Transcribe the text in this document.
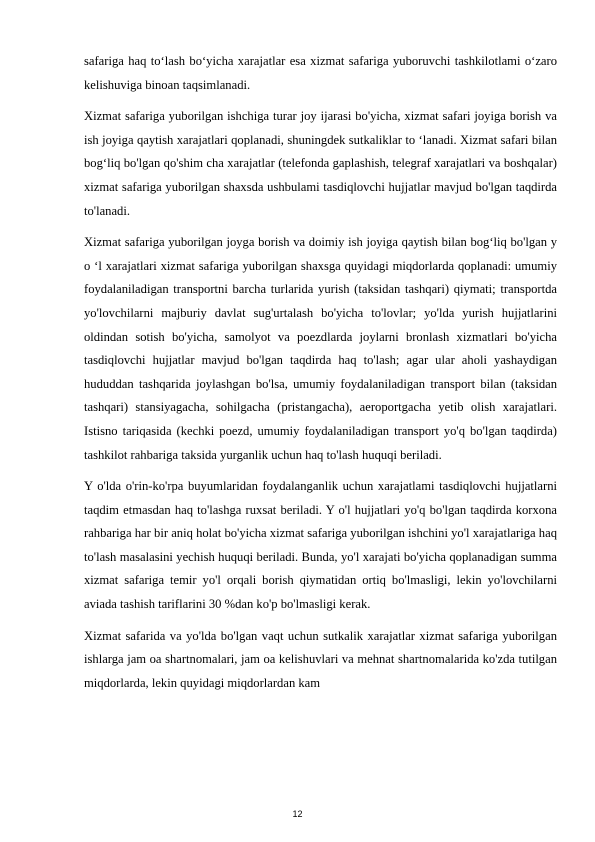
safariga haq to‘lash bo‘yicha xarajatlar esa xizmat safariga yuboruvchi tashkilotlami o‘zaro kelishuviga binoan taqsimlanadi.

Xizmat safariga yuborilgan ishchiga turar joy ijarasi bo'yicha, xizmat safari joyiga borish va ish joyiga qaytish xarajatlari qoplanadi, shuningdek sutkaliklar to ‘lanadi. Xizmat safari bilan bog‘liq bo'lgan qo'shim cha xarajatlar (telefonda gaplashish, telegraf xarajatlari va boshqalar) xizmat safariga yuborilgan shaxsda ushbulami tasdiqlovchi hujjatlar mavjud bo'lgan taqdirda to'lanadi.

Xizmat safariga yuborilgan joyga borish va doimiy ish joyiga qaytish bilan bog‘liq bo'lgan y o ‘l xarajatlari xizmat safariga yuborilgan shaxsga quyidagi miqdorlarda qoplanadi: umumiy foydalaniladigan transportni barcha turlarida yurish (taksidan tashqari) qiymati; transportda yo'lovchilarni majburiy davlat sug'urtalash bo'yicha to'lovlar; yo'lda yurish hujjatlarini oldindan sotish bo'yicha, samolyot va poezdlarda joylarni bronlash xizmatlari bo'yicha tasdiqlovchi hujjatlar mavjud bo'lgan taqdirda haq to'lash; agar ular aholi yashaydigan hududdan tashqarida joylashgan bo'lsa, umumiy foydalaniladigan transport bilan (taksidan tashqari) stansiyagacha, sohilgacha (pristangacha), aeroportgacha yetib olish xarajatlari. Istisno tariqasida (kechki poezd, umumiy foydalaniladigan transport yo'q bo'lgan taqdirda) tashkilot rahbariga taksida yurganlik uchun haq to'lash huquqi beriladi.

Y o'lda o'rin-ko'rpa buyumlaridan foydalanganlik uchun xarajatlami tasdiqlovchi hujjatlarni taqdim etmasdan haq to'lashga ruxsat beriladi. Y o'l hujjatlari yo'q bo'lgan taqdirda korxona rahbariga har bir aniq holat bo'yicha xizmat safariga yuborilgan ishchini yo'l xarajatlariga haq to'lash masalasini yechish huquqi beriladi. Bunda, yo'l xarajati bo'yicha qoplanadigan summa xizmat safariga temir yo'l orqali borish qiymatidan ortiq bo'lmasligi, lekin yo'lovchilarni aviada tashish tariflarini 30 %dan ko'p bo'lmasligi kerak.

Xizmat safarida va yo'lda bo'lgan vaqt uchun sutkalik xarajatlar xizmat safariga yuborilgan ishlarga jam oa shartnomalari, jam oa kelishuvlari va mehnat shartnomalarida ko'zda tutilgan miqdorlarda, lekin quyidagi miqdorlardan kam

12
